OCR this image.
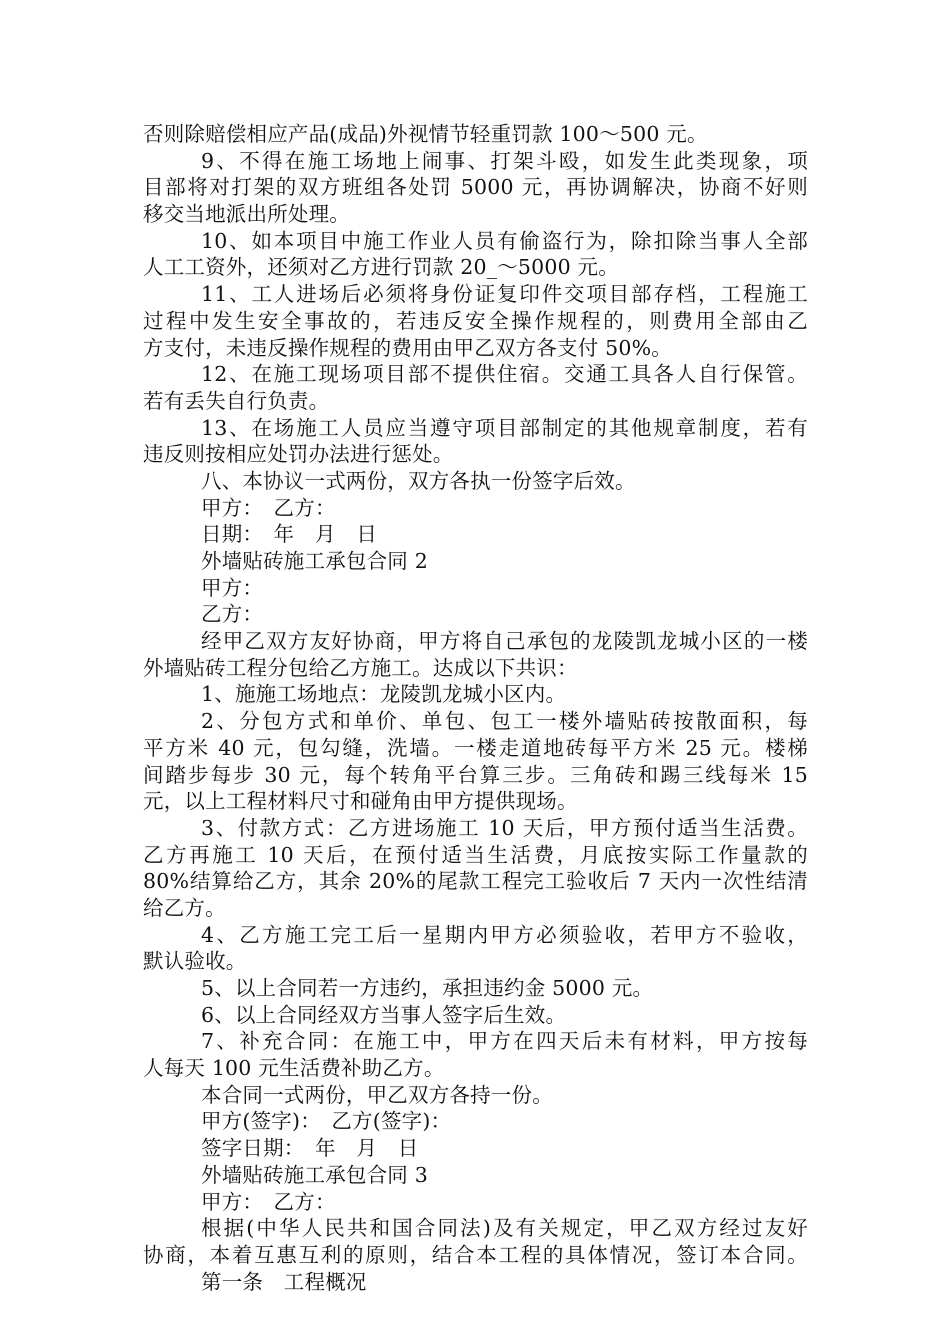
否则除赔偿相应产品(成品)外视情节轻重罚款 100～500 元。
9、不得在施工场地上闹事、打架斗殴，如发生此类现象，项
目部将对打架的双方班组各处罚 5000 元，再协调解决，协商不好则
移交当地派出所处理。
10、如本项目中施工作业人员有偷盗行为，除扣除当事人全部
人工工资外，还须对乙方进行罚款 20_～5000 元。
11、工人进场后必须将身份证复印件交项目部存档，工程施工
过程中发生安全事故的，若违反安全操作规程的，则费用全部由乙
方支付，未违反操作规程的费用由甲乙双方各支付 50%。
12、在施工现场项目部不提供住宿。交通工具各人自行保管。
若有丢失自行负责。
13、在场施工人员应当遵守项目部制定的其他规章制度，若有
违反则按相应处罚办法进行惩处。
八、本协议一式两份，双方各执一份签字后效。
甲方：　乙方：
日期：　年　月　日
外墙贴砖施工承包合同 2
甲方：
乙方：
经甲乙双方友好协商，甲方将自己承包的龙陵凯龙城小区的一楼
外墙贴砖工程分包给乙方施工。达成以下共识：
1、施施工场地点：龙陵凯龙城小区内。
2、分包方式和单价、单包、包工一楼外墙贴砖按散面积，每
平方米 40 元，包勾缝，洗墙。一楼走道地砖每平方米 25 元。楼梯
间踏步每步 30 元，每个转角平台算三步。三角砖和踢三线每米 15
元，以上工程材料尺寸和碰角由甲方提供现场。
3、付款方式：乙方进场施工 10 天后，甲方预付适当生活费。
乙方再施工 10 天后，在预付适当生活费，月底按实际工作量款的
80%结算给乙方，其余 20%的尾款工程完工验收后 7 天内一次性结清
给乙方。
4、乙方施工完工后一星期内甲方必须验收，若甲方不验收，
默认验收。
5、以上合同若一方违约，承担违约金 5000 元。
6、以上合同经双方当事人签字后生效。
7、补充合同：在施工中，甲方在四天后未有材料，甲方按每
人每天 100 元生活费补助乙方。
本合同一式两份，甲乙双方各持一份。
甲方(签字)：　乙方(签字)：
签字日期：　年　月　日
外墙贴砖施工承包合同 3
甲方：　乙方：
根据(中华人民共和国合同法)及有关规定，甲乙双方经过友好
协商，本着互惠互利的原则，结合本工程的具体情况，签订本合同。
第一条　工程概况
